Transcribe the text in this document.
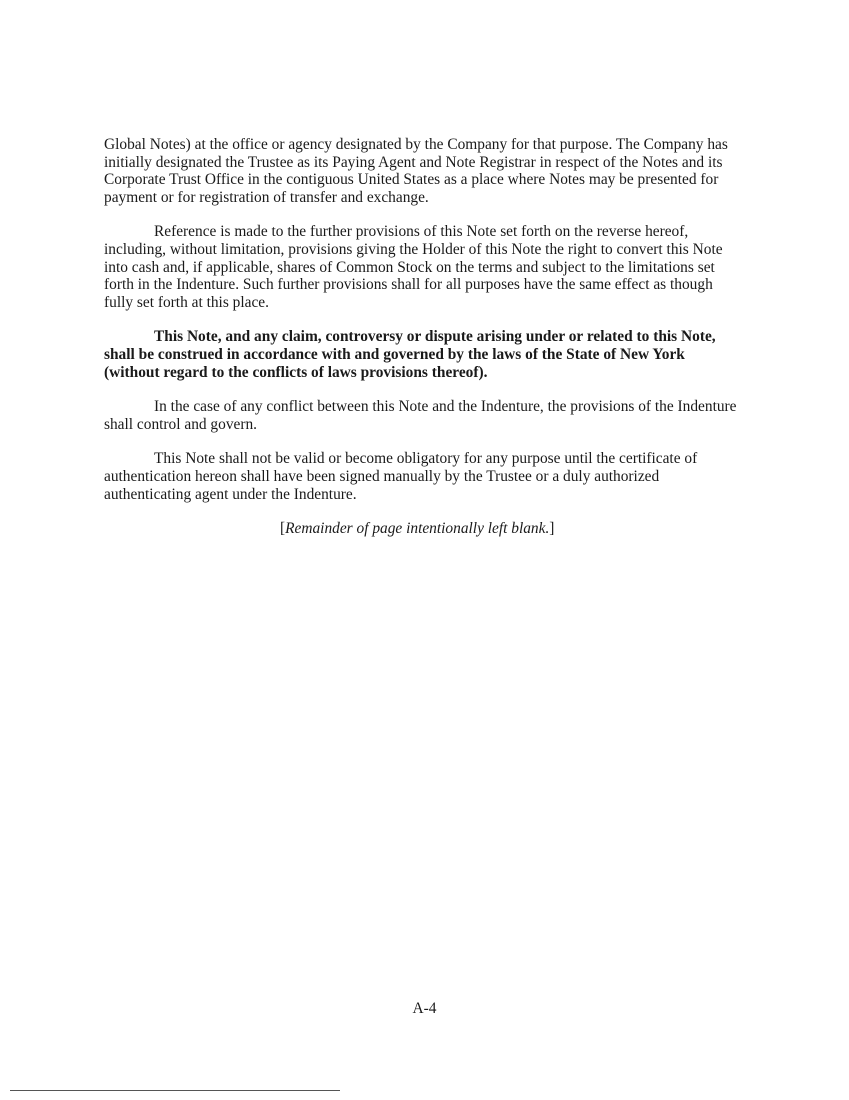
Global Notes) at the office or agency designated by the Company for that purpose. The Company has initially designated the Trustee as its Paying Agent and Note Registrar in respect of the Notes and its Corporate Trust Office in the contiguous United States as a place where Notes may be presented for payment or for registration of transfer and exchange.

Reference is made to the further provisions of this Note set forth on the reverse hereof, including, without limitation, provisions giving the Holder of this Note the right to convert this Note into cash and, if applicable, shares of Common Stock on the terms and subject to the limitations set forth in the Indenture. Such further provisions shall for all purposes have the same effect as though fully set forth at this place.

This Note, and any claim, controversy or dispute arising under or related to this Note, shall be construed in accordance with and governed by the laws of the State of New York (without regard to the conflicts of laws provisions thereof).

In the case of any conflict between this Note and the Indenture, the provisions of the Indenture shall control and govern.

This Note shall not be valid or become obligatory for any purpose until the certificate of authentication hereon shall have been signed manually by the Trustee or a duly authorized authenticating agent under the Indenture.

[Remainder of page intentionally left blank.]

A-4
